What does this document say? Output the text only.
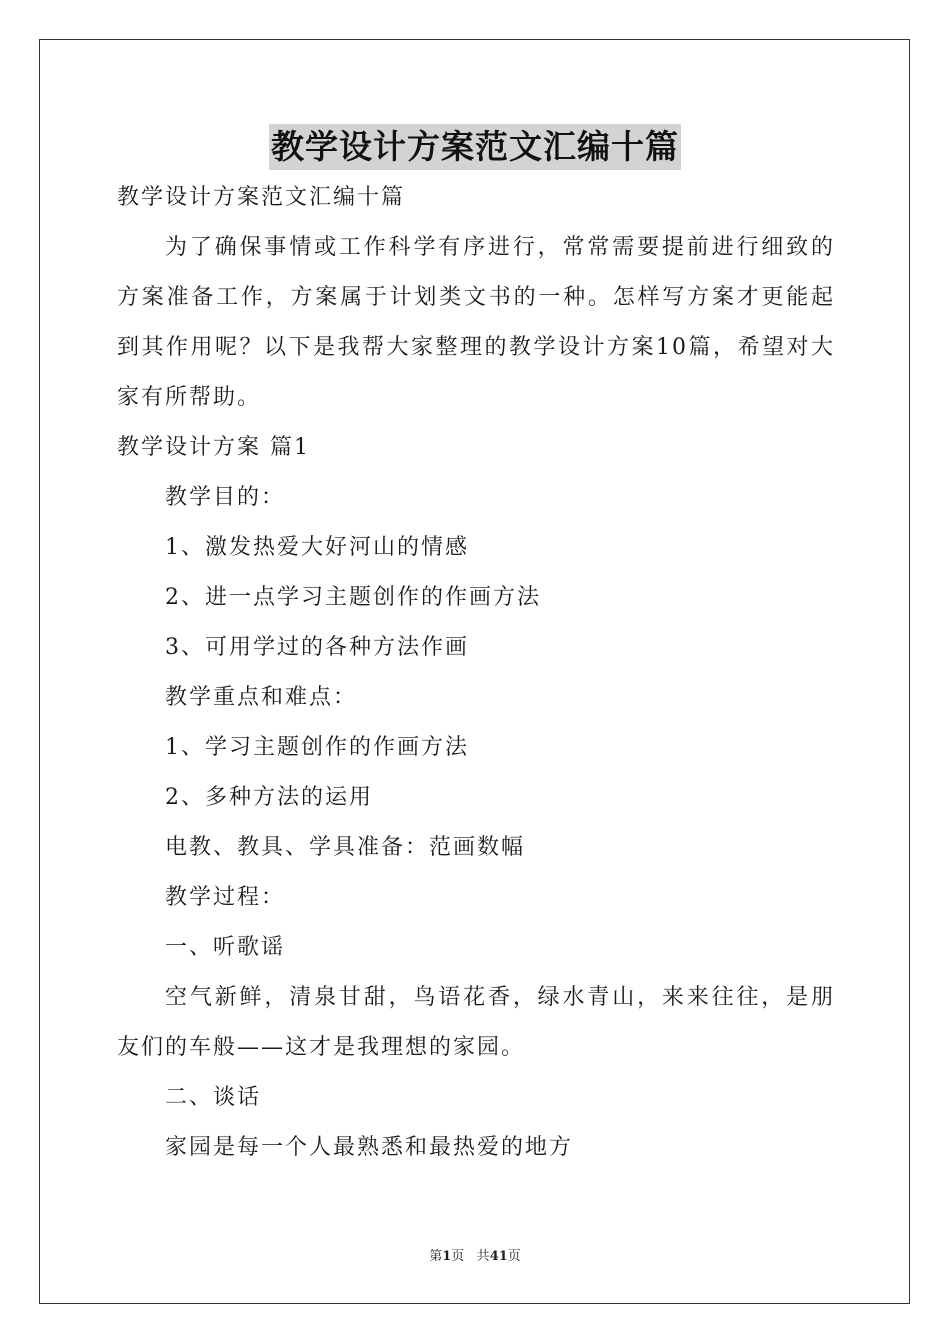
教学设计方案范文汇编十篇

教学设计方案范文汇编十篇

为了确保事情或工作科学有序进行，常常需要提前进行细致的方案准备工作，方案属于计划类文书的一种。怎样写方案才更能起到其作用呢？以下是我帮大家整理的教学设计方案10篇，希望对大家有所帮助。

教学设计方案 篇1

教学目的：

1、激发热爱大好河山的情感

2、进一点学习主题创作的作画方法

3、可用学过的各种方法作画

教学重点和难点：

1、学习主题创作的作画方法

2、多种方法的运用

电教、教具、学具准备：范画数幅

教学过程：

一、听歌谣

空气新鲜，清泉甘甜，鸟语花香，绿水青山，来来往往，是朋友们的车般——这才是我理想的家园。

二、谈话

家园是每一个人最熟悉和最热爱的地方

第1页 共41页
